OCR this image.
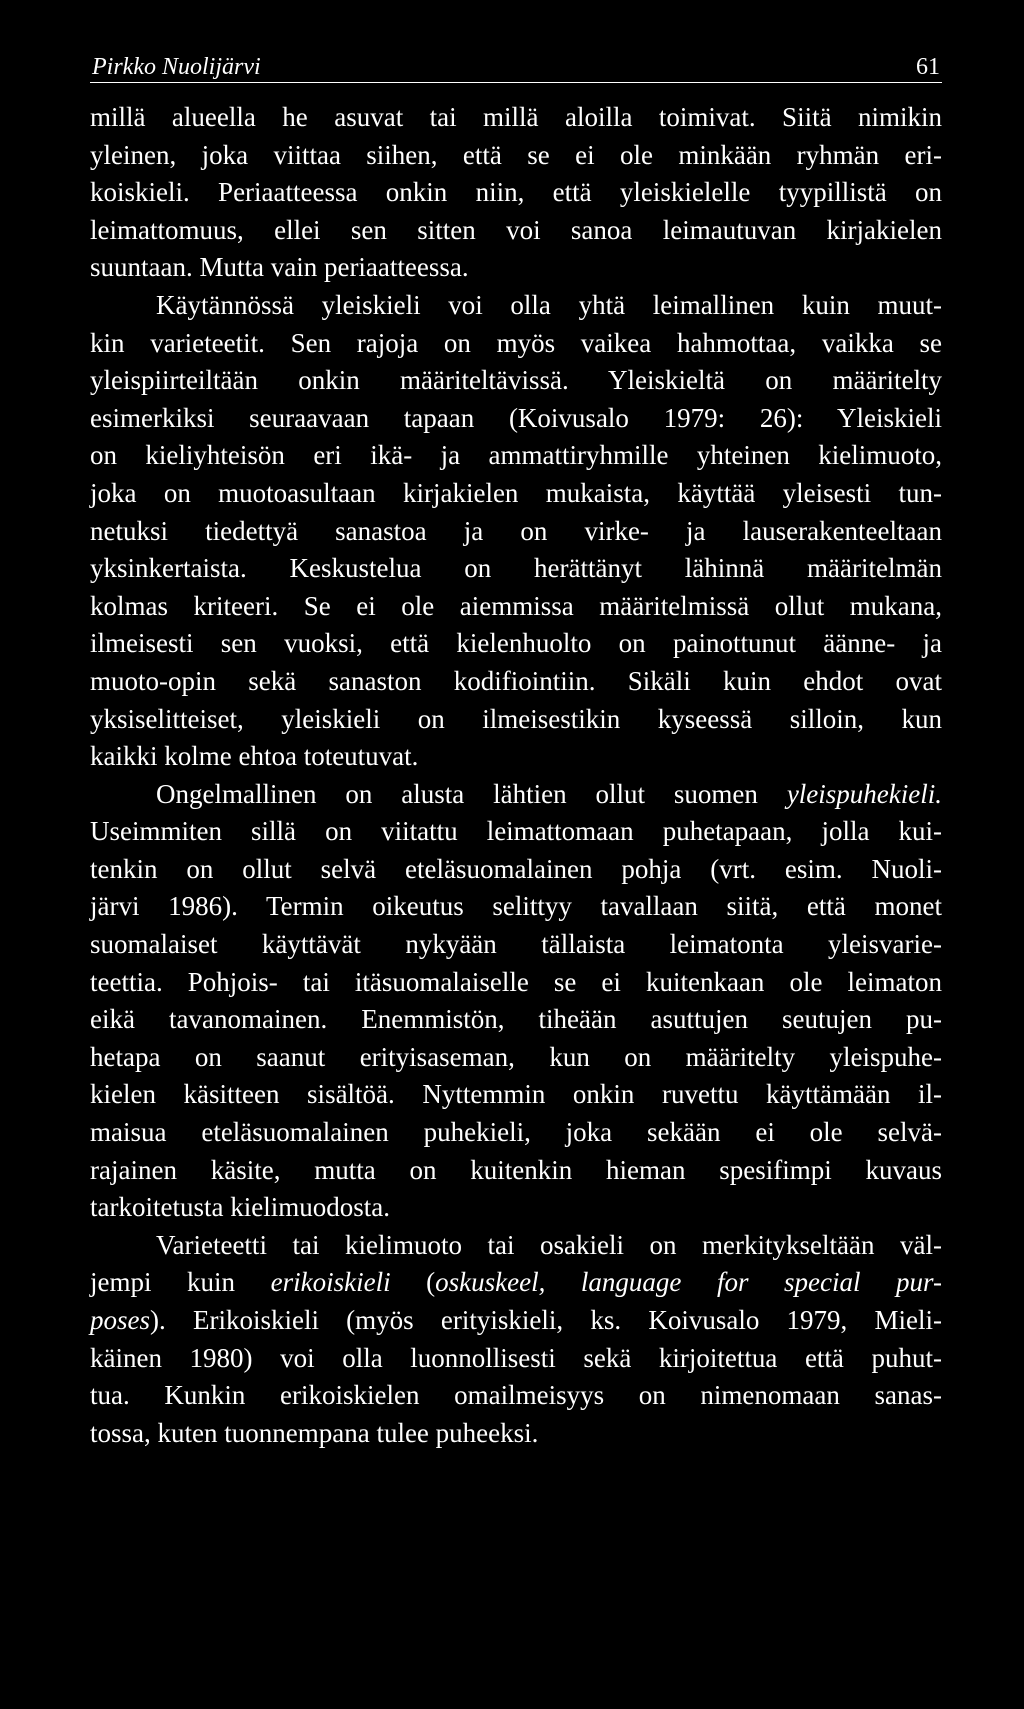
Pirkko Nuolijärvi	61

millä alueella he asuvat tai millä aloilla toimivat. Siitä nimikin
yleinen, joka viittaa siihen, että se ei ole minkään ryhmän eri-
koiskieli. Periaatteessa onkin niin, että yleiskielelle tyypillistä on
leimattomuus, ellei sen sitten voi sanoa leimautuvan kirjakielen
suuntaan. Mutta vain periaatteessa.

Käytännössä yleiskieli voi olla yhtä leimallinen kuin muut-
kin varieteetit. Sen rajoja on myös vaikea hahmottaa, vaikka se
yleispiirteiltään onkin määriteltävissä. Yleiskieltä on määritelty
esimerkiksi seuraavaan tapaan (Koivusalo 1979: 26): Yleiskieli
on kieliyhteisön eri ikä- ja ammattiryhmille yhteinen kielimuoto,
joka on muotoasultaan kirjakielen mukaista, käyttää yleisesti tun-
netuksi tiedettyä sanastoa ja on virke- ja lauserakenteeltaan
yksinkertaista. Keskustelua on herättänyt lähinnä määritelmän
kolmas kriteeri. Se ei ole aiemmissa määritelmissä ollut mukana,
ilmeisesti sen vuoksi, että kielenhuolto on painottunut äänne- ja
muoto-opin sekä sanaston kodifiointiin. Sikäli kuin ehdot ovat
yksiselitteiset, yleiskieli on ilmeisestikin kyseessä silloin, kun
kaikki kolme ehtoa toteutuvat.

Ongelmallinen on alusta lähtien ollut suomen yleispuhekieli.
Useimmiten sillä on viitattu leimattomaan puhetapaan, jolla kui-
tenkin on ollut selvä eteläsuomalainen pohja (vrt. esim. Nuoli-
järvi 1986). Termin oikeutus selittyy tavallaan siitä, että monet
suomalaiset käyttävät nykyään tällaista leimatonta yleisvarie-
teettia. Pohjois- tai itäsuomalaiselle se ei kuitenkaan ole leimaton
eikä tavanomainen. Enemmistön, tiheään asuttujen seutujen pu-
hetapa on saanut erityisaseman, kun on määritelty yleispuhe-
kielen käsitteen sisältöä. Nyttemmin onkin ruvettu käyttämään il-
maisua eteläsuomalainen puhekieli, joka sekään ei ole selvä-
rajainen käsite, mutta on kuitenkin hieman spesifimpi kuvaus
tarkoitetusta kielimuodosta.

Varieteetti tai kielimuoto tai osakieli on merkitykseltään väl-
jempi kuin erikoiskieli (oskuskeel, language for special pur-
poses). Erikoiskieli (myös erityiskieli, ks. Koivusalo 1979, Mieli-
käinen 1980) voi olla luonnollisesti sekä kirjoitettua että puhut-
tua. Kunkin erikoiskielen omailmeisyys on nimenomaan sanas-
tossa, kuten tuonnempana tulee puheeksi.
